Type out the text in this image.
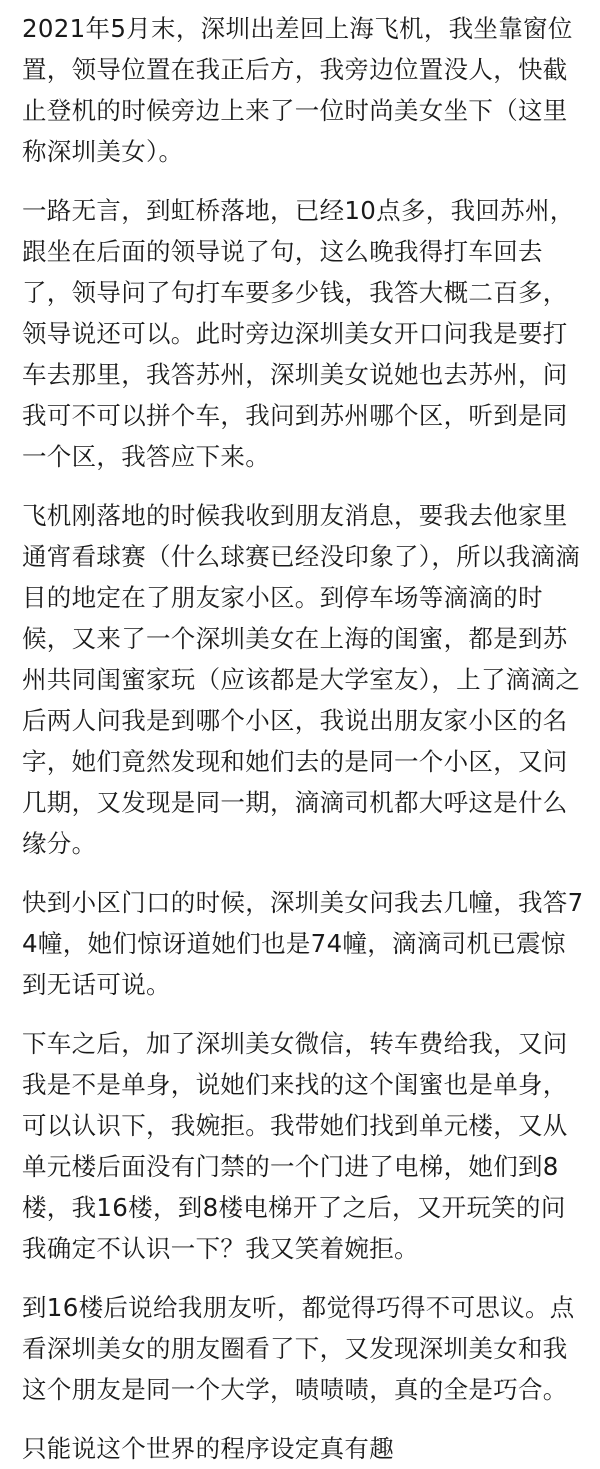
2021年5月末，深圳出差回上海飞机，我坐靠窗位置，领导位置在我正后方，我旁边位置没人，快截止登机的时候旁边上来了一位时尚美女坐下（这里称深圳美女）。

一路无言，到虹桥落地，已经10点多，我回苏州，跟坐在后面的领导说了句，这么晚我得打车回去了，领导问了句打车要多少钱，我答大概二百多，领导说还可以。此时旁边深圳美女开口问我是要打车去那里，我答苏州，深圳美女说她也去苏州，问我可不可以拼个车，我问到苏州哪个区，听到是同一个区，我答应下来。

飞机刚落地的时候我收到朋友消息，要我去他家里通宵看球赛（什么球赛已经没印象了），所以我滴滴目的地定在了朋友家小区。到停车场等滴滴的时候，又来了一个深圳美女在上海的闺蜜，都是到苏州共同闺蜜家玩（应该都是大学室友），上了滴滴之后两人问我是到哪个小区，我说出朋友家小区的名字，她们竟然发现和她们去的是同一个小区，又问几期，又发现是同一期，滴滴司机都大呼这是什么缘分。

快到小区门口的时候，深圳美女问我去几幢，我答74幢，她们惊讶道她们也是74幢，滴滴司机已震惊到无话可说。

下车之后，加了深圳美女微信，转车费给我，又问我是不是单身，说她们来找的这个闺蜜也是单身，可以认识下，我婉拒。我带她们找到单元楼，又从单元楼后面没有门禁的一个门进了电梯，她们到8楼，我16楼，到8楼电梯开了之后，又开玩笑的问我确定不认识一下？我又笑着婉拒。

到16楼后说给我朋友听，都觉得巧得不可思议。点看深圳美女的朋友圈看了下，又发现深圳美女和我这个朋友是同一个大学，啧啧啧，真的全是巧合。

只能说这个世界的程序设定真有趣
